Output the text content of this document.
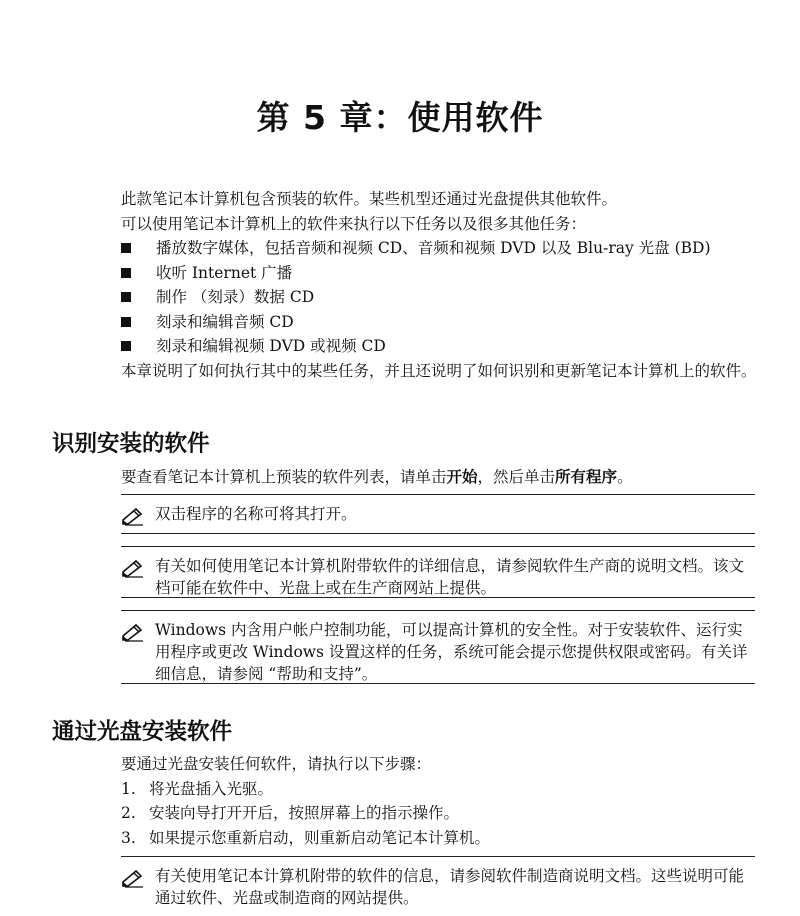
第 5 章：使用软件

此款笔记本计算机包含预装的软件。某些机型还通过光盘提供其他软件。

可以使用笔记本计算机上的软件来执行以下任务以及很多其他任务：

播放数字媒体，包括音频和视频 CD、音频和视频 DVD 以及 Blu-ray 光盘 (BD)
收听 Internet 广播
制作 （刻录）数据 CD
刻录和编辑音频 CD
刻录和编辑视频 DVD 或视频 CD

本章说明了如何执行其中的某些任务，并且还说明了如何识别和更新笔记本计算机上的软件。

识别安装的软件

要查看笔记本计算机上预装的软件列表，请单击开始，然后单击所有程序。

双击程序的名称可将其打开。
有关如何使用笔记本计算机附带软件的详细信息，请参阅软件生产商的说明文档。该文档可能在软件中、光盘上或在生产商网站上提供。
Windows 内含用户帐户控制功能，可以提高计算机的安全性。对于安装软件、运行实用程序或更改 Windows 设置这样的任务，系统可能会提示您提供权限或密码。有关详细信息，请参阅 “帮助和支持”。
通过光盘安装软件

要通过光盘安装任何软件，请执行以下步骤：

1. 将光盘插入光驱。
2. 安装向导打开开后，按照屏幕上的指示操作。
3. 如果提示您重新启动，则重新启动笔记本计算机。
有关使用笔记本计算机附带的软件的信息，请参阅软件制造商说明文档。这些说明可能通过软件、光盘或制造商的网站提供。
